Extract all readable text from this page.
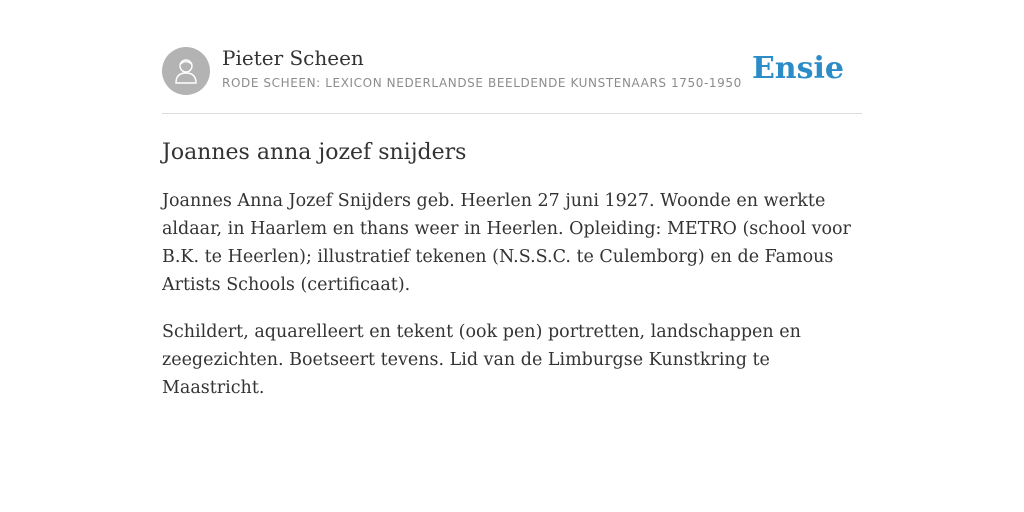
Pieter Scheen
RODE SCHEEN: LEXICON NEDERLANDSE BEELDENDE KUNSTENAARS 1750-1950 Ensie
Joannes anna jozef snijders

Joannes Anna Jozef Snijders geb. Heerlen 27 juni 1927. Woonde en werkte aldaar, in Haarlem en thans weer in Heerlen. Opleiding: METRO (school voor B.K. te Heerlen); illustratief tekenen (N.S.S.C. te Culemborg) en de Famous Artists Schools (certificaat).

Schildert, aquarelleert en tekent (ook pen) portretten, landschappen en zeegezichten. Boetseert tevens. Lid van de Limburgse Kunstkring te Maastricht.
